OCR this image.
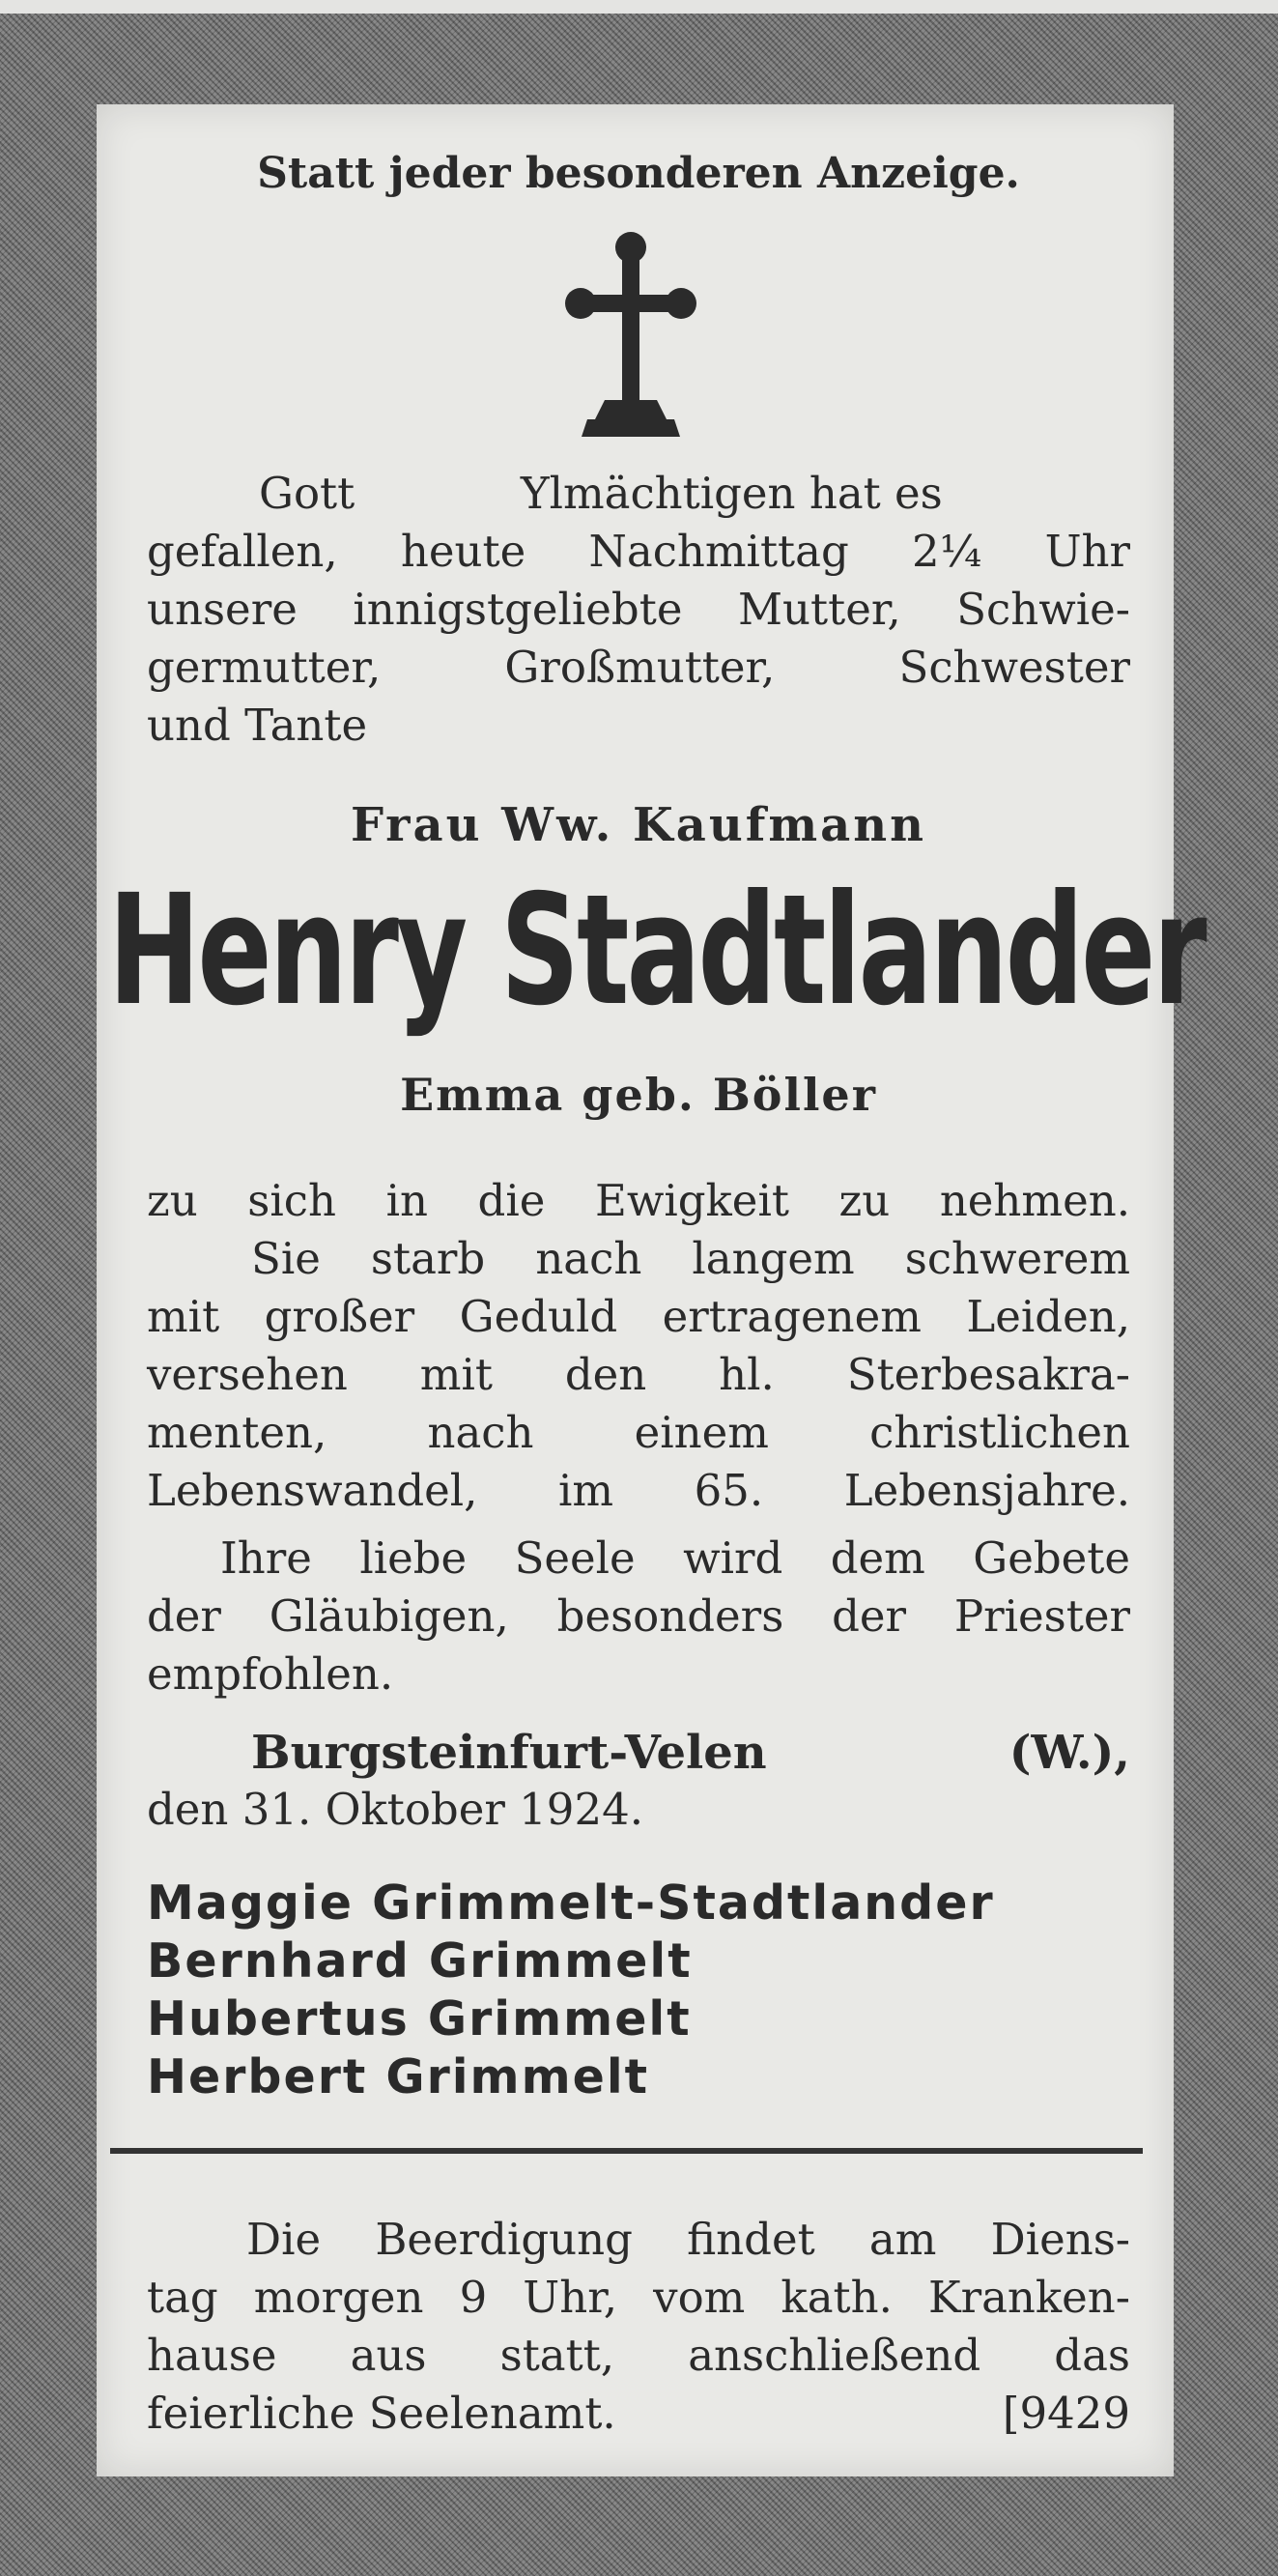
Statt jeder besonderen Anzeige.

Gott            Ylmächtigen hat es

gefallen, heute Nachmittag 2¼ Uhr

unsere innigstgeliebte Mutter, Schwie-

germutter, Großmutter, Schwester

und Tante

Frau Ww. Kaufmann

Henry Stadtlander

Emma geb. Böller

zu sich in die Ewigkeit zu nehmen.

Sie starb nach langem schwerem

mit großer Geduld ertragenem Leiden,

versehen mit den hl. Sterbesakra-

menten, nach einem christlichen

Lebenswandel, im 65. Lebensjahre.

Ihre liebe Seele wird dem Gebete

der Gläubigen, besonders der Priester

empfohlen.

Burgsteinfurt-Velen (W.),

den 31. Oktober 1924.

Maggie Grimmelt-Stadtlander

Bernhard Grimmelt

Hubertus Grimmelt

Herbert Grimmelt

Die Beerdigung findet am Diens-

tag morgen 9 Uhr, vom kath. Kranken-

hause aus statt, anschließend das

feierliche Seelenamt.	[9429
